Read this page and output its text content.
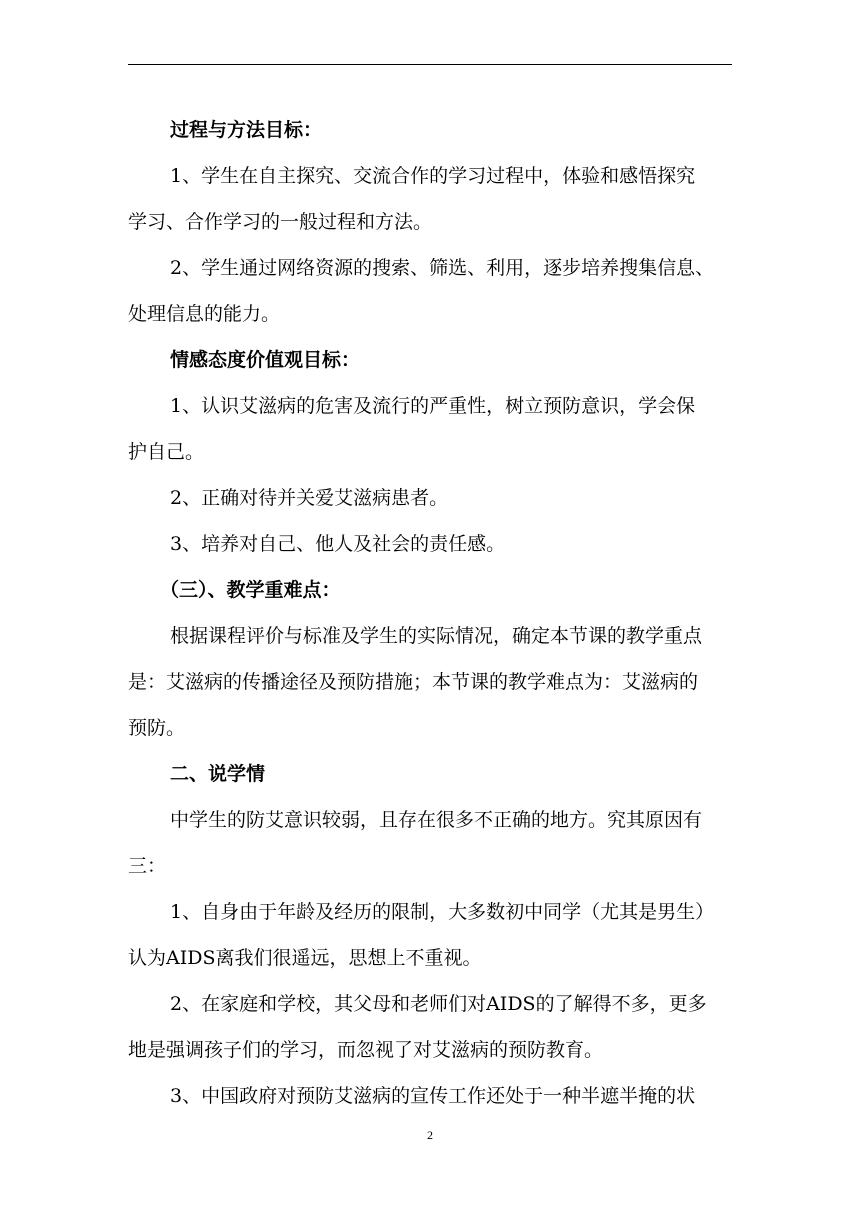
过程与方法目标：
1、学生在自主探究、交流合作的学习过程中，体验和感悟探究
学习、合作学习的一般过程和方法。
2、学生通过网络资源的搜索、筛选、利用，逐步培养搜集信息、
处理信息的能力。
情感态度价值观目标：
1、认识艾滋病的危害及流行的严重性，树立预防意识，学会保
护自己。
2、正确对待并关爱艾滋病患者。
3、培养对自己、他人及社会的责任感。
（三）、教学重难点：
根据课程评价与标准及学生的实际情况，确定本节课的教学重点
是：艾滋病的传播途径及预防措施；本节课的教学难点为：艾滋病的
预防。
二、说学情
中学生的防艾意识较弱，且存在很多不正确的地方。究其原因有
三：
1、自身由于年龄及经历的限制，大多数初中同学（尤其是男生）
认为AIDS离我们很遥远，思想上不重视。
2、在家庭和学校，其父母和老师们对AIDS的了解得不多，更多
地是强调孩子们的学习，而忽视了对艾滋病的预防教育。
3、中国政府对预防艾滋病的宣传工作还处于一种半遮半掩的状
2
